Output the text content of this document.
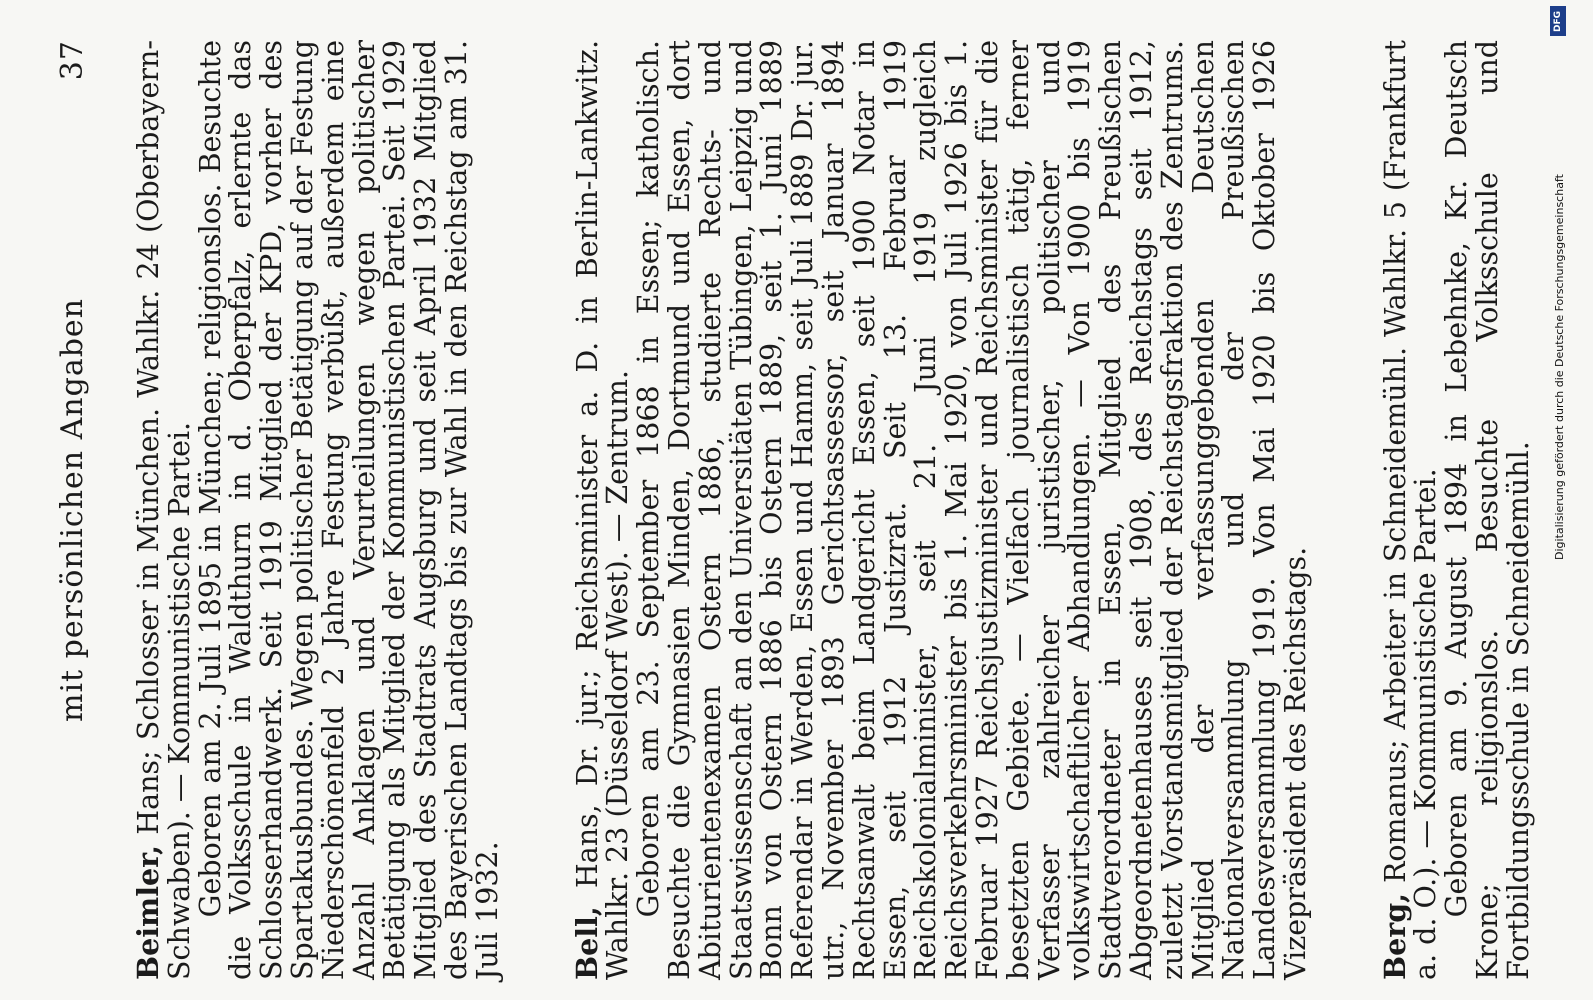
mit persönlichen Angaben
37

Beimler, Hans; Schlosser in München. Wahlkr. 24 (Oberbayern-Schwaben). — Kommunistische Partei.

Geboren am 2. Juli 1895 in München; religionslos. Besuchte die Volksschule in Waldthurn in d. Oberpfalz, erlernte das Schlosserhandwerk. Seit 1919 Mitglied der KPD, vorher des Spartakusbundes. Wegen politischer Betätigung auf der Festung Niederschönenfeld 2 Jahre Festung verbüßt, außerdem eine Anzahl Anklagen und Verurteilungen wegen politischer Betätigung als Mitglied der Kommunistischen Partei. Seit 1929 Mitglied des Stadtrats Augsburg und seit April 1932 Mitglied des Bayerischen Landtags bis zur Wahl in den Reichstag am 31. Juli 1932. Bell, Hans, Dr. jur.; Reichsminister a. D. in Berlin-Lankwitz. Wahlkr. 23 (Düsseldorf West). — Zentrum.

Geboren am 23. September 1868 in Essen; katholisch. Besuchte die Gymnasien Minden, Dortmund und Essen, dort Abiturientenexamen Ostern 1886, studierte Rechts- und Staatswissenschaft an den Universitäten Tübingen, Leipzig und Bonn von Ostern 1886 bis Ostern 1889, seit 1. Juni 1889 Referendar in Werden, Essen und Hamm, seit Juli 1889 Dr. jur. utr., November 1893 Gerichtsassessor, seit Januar 1894 Rechtsanwalt beim Landgericht Essen, seit 1900 Notar in Essen, seit 1912 Justizrat. Seit 13. Februar 1919 Reichskolonialminister, seit 21. Juni 1919 zugleich Reichsverkehrsminister bis 1. Mai 1920, von Juli 1926 bis 1. Februar 1927 Reichsjustizminister und Reichsminister für die besetzten Gebiete. — Vielfach journalistisch tätig, ferner Verfasser zahlreicher juristischer, politischer und volkswirtschaftlicher Abhandlungen. — Von 1900 bis 1919 Stadtverordneter in Essen, Mitglied des Preußischen Abgeordnetenhauses seit 1908, des Reichstags seit 1912, zuletzt Vorstandsmitglied der Reichstagsfraktion des Zentrums. Mitglied der verfassunggebenden Deutschen Nationalversammlung und der Preußischen Landesversammlung 1919. Von Mai 1920 bis Oktober 1926 Vizepräsident des Reichstags. Berg, Romanus; Arbeiter in Schneidemühl. Wahlkr. 5 (Frankfurt a. d. O.). — Kommunistische Partei.

Geboren am 9. August 1894 in Lebehnke, Kr. Deutsch Krone; religionslos. Besuchte Volksschule und Fortbildungsschule in Schneidemühl.

DFG
Digitalisierung gefördert durch die Deutsche Forschungsgemeinschaft
